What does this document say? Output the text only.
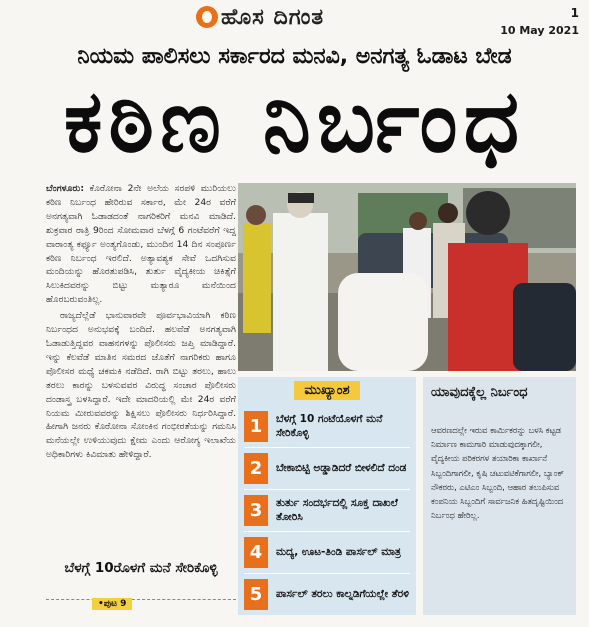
ಹೊಸ ದಿಗಂತ	1
10 May 2021
ನಿಯಮ ಪಾಲಿಸಲು ಸರ್ಕಾರದ ಮನವಿ, ಅನಗತ್ಯ ಓಡಾಟ ಬೇಡ
ಕಠಿಣ ನಿರ್ಬಂಧ

ಬೆಂಗಳೂರು: ಕೊರೋನಾ 2ನೇ ಅಲೆಯ ಸರಪಳಿ ಮುರಿಯಲು ಕಠಿಣ ನಿರ್ಬಂಧ ಹೇರಿರುವ ಸರ್ಕಾರ, ಮೇ 24ರ ವರೆಗೆ ಅನಗತ್ಯವಾಗಿ ಓಡಾಡದಂತೆ ನಾಗರಿಕರಿಗೆ ಮನವಿ ಮಾಡಿದೆ. ಶುಕ್ರವಾರ ರಾತ್ರಿ 9ರಿಂದ ಸೋಮವಾರ ಬೆಳಗ್ಗೆ 6 ಗಂಟೆವರೆಗೆ ಇದ್ದ ವಾರಾಂತ್ಯ ಕರ್ಫ್ಯೂ ಅಂತ್ಯಗೊಂಡು, ಮುಂದಿನ 14 ದಿನ ಸಂಪೂರ್ಣ ಕಠಿಣ ನಿರ್ಬಂಧ ಇರಲಿದೆ. ಅತ್ಯಾವಶ್ಯಕ ಸೇವೆ ಒದಗಿಸುವ ಮಂದಿಯನ್ನು ಹೊರತುಪಡಿಸಿ, ತುರ್ತು ವೈದ್ಯಕೀಯ ಚಿಕಿತ್ಸೆಗೆ ಸಿಲುಕಿದವರನ್ನು ಬಿಟ್ಟು ಮತ್ಯಾರೂ ಮನೆಯಿಂದ ಹೊರಬರುವಂತಿಲ್ಲ.

ರಾಜ್ಯದೆಲ್ಲೆಡೆ ಭಾನುವಾರವೇ ಪೂರ್ವಭಾವಿಯಾಗಿ ಕಠಿಣ ನಿರ್ಬಂಧದ ಅನುಭವಕ್ಕೆ ಬಂದಿದೆ. ಹಲವೆಡೆ ಅನಗತ್ಯವಾಗಿ ಓಡಾಡುತ್ತಿದ್ದವರ ವಾಹನಗಳನ್ನು ಪೊಲೀಸರು ಜಪ್ತಿ ಮಾಡಿದ್ದಾರೆ. ಇನ್ನು ಕೆಲವೆಡೆ ಮಾತಿನ ಸಮರದ ಜೊತೆಗೆ ನಾಗರಿಕರು ಹಾಗೂ ಪೊಲೀಸರ ಮಧ್ಯೆ ಚಕಮಕಿ ನಡೆದಿದೆ. ರಾಗಿ ಬಿಟ್ಟು ತರಲು, ಹಾಲು ತರಲು ಕಾರನ್ನು ಬಳಸುವವರ ವಿರುದ್ಧ ಸಂಚಾರ ಪೊಲೀಸರು ದಂಡಾಸ್ತ್ರ ಬಳಸಿದ್ದಾರೆ. ಇದೇ ಮಾದರಿಯಲ್ಲಿ ಮೇ 24ರ ವರೆಗೆ ನಿಯಮ ಮೀರುವವರನ್ನು ಶಿಕ್ಷಿಸಲು ಪೊಲೀಸರು ನಿರ್ಧರಿಸಿದ್ದಾರೆ. ಹೀಗಾಗಿ ಜನರು ಕೊರೋನಾ ಸೋಂಕಿನ ಗಂಭೀರತೆಯನ್ನು ಗಮನಿಸಿ ಮನೆಯಲ್ಲೇ ಉಳಿಯುವುದು ಕ್ಷೇಮ ಎಂದು ಆರೋಗ್ಯ ಇಲಾಖೆಯ ಅಧಿಕಾರಿಗಳು ಕಿವಿಮಾತು ಹೇಳಿದ್ದಾರೆ.

ಬೆಳಗ್ಗೆ 10ರೊಳಗೆ ಮನೆ ಸೇರಿಕೊಳ್ಳಿ
•ಪುಟ 9
ಮುಖ್ಯಾಂಶ
1	ಬೆಳಗ್ಗೆ 10 ಗಂಟೆಯೊಳಗೆ ಮನೆ ಸೇರಿಕೊಳ್ಳಿ
2	ಬೇಕಾಬಿಟ್ಟಿ ಅಡ್ಡಾಡಿದರೆ ಬೀಳಲಿದೆ ದಂಡ
3	ತುರ್ತು ಸಂದರ್ಭದಲ್ಲಿ ಸೂಕ್ತ ದಾಖಲೆ ತೋರಿಸಿ
4	ಮದ್ಯ, ಊಟ-ತಿಂಡಿ ಪಾರ್ಸಲ್ ಮಾತ್ರ
5	ಪಾರ್ಸಲ್ ತರಲು ಕಾಲ್ನಡಿಗೆಯಲ್ಲೇ ತೆರಳಿ
ಯಾವುದಕ್ಕೆಲ್ಲ ನಿರ್ಬಂಧ
ಆವರಣದಲ್ಲೇ ಇರುವ ಕಾರ್ಮಿಕರನ್ನು ಬಳಸಿ ಕಟ್ಟಡ ನಿರ್ಮಾಣ ಕಾಮಗಾರಿ ಮಾಡುವುದಕ್ಕಾಗಲೀ, ವೈದ್ಯಕೀಯ ಪರಿಕರಗಳ ತಯಾರಿಕಾ ಕಾರ್ಖಾನೆ ಸಿಬ್ಬಂದಿಗಾಗಲೀ, ಕೃಷಿ ಚಟುವಟಿಕೆಗಾಗಲೀ, ಬ್ಯಾಂಕ್ ನೌಕರರು, ಎಟಿಎಂ ಸಿಬ್ಬಂದಿ, ಆಹಾರ ತಲುಪಿಸುವ ಕಂಪನಿಯ ಸಿಬ್ಬಂದಿಗೆ ಸಾರ್ವಜನಿಕ ಹಿತದೃಷ್ಟಿಯಿಂದ ನಿರ್ಬಂಧ ಹೇರಿಲ್ಲ.
